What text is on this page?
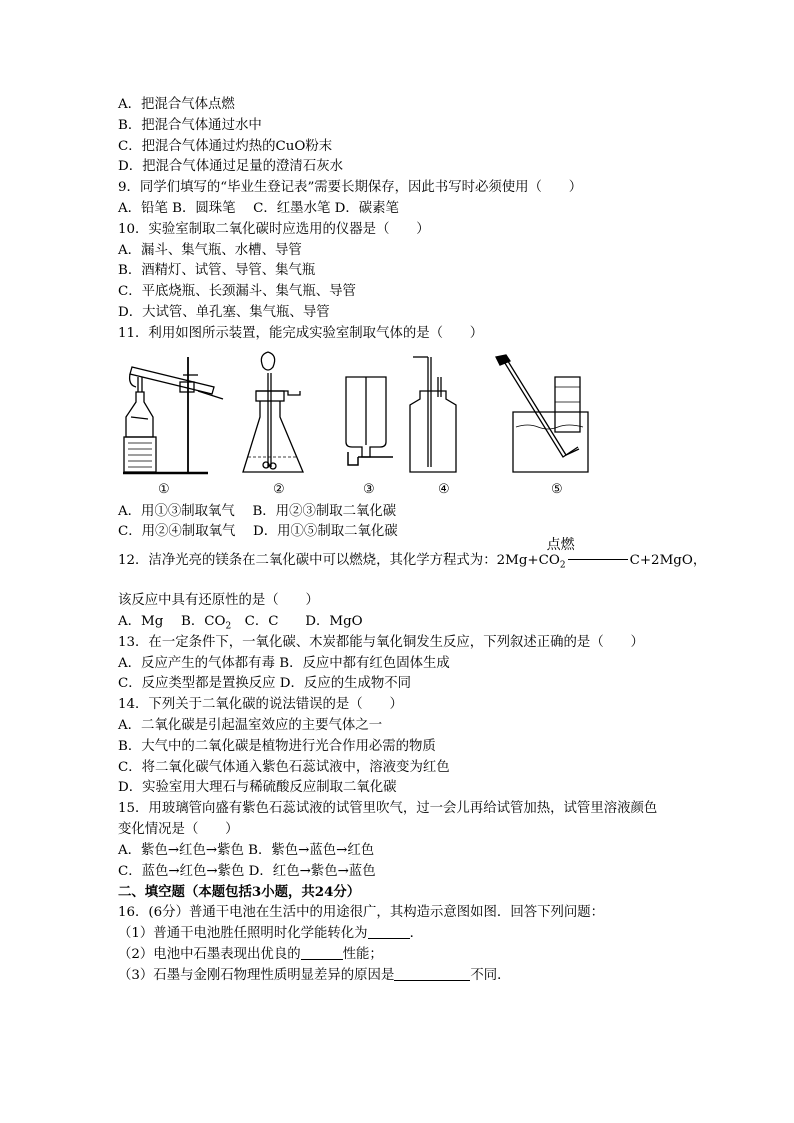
A．把混合气体点燃
B．把混合气体通过水中
C．把混合气体通过灼热的CuO粉末
D．把混合气体通过足量的澄清石灰水
9．同学们填写的“毕业生登记表”需要长期保存，因此书写时必须使用（　　）
A．铅笔 B．圆珠笔　 C．红墨水笔 D．碳素笔
10．实验室制取二氧化碳时应选用的仪器是（　　）
A．漏斗、集气瓶、水槽、导管
B．酒精灯、试管、导管、集气瓶
C．平底烧瓶、长颈漏斗、集气瓶、导管
D．大试管、单孔塞、集气瓶、导管
11．利用如图所示装置，能完成实验室制取气体的是（　　）
①	②	③	④	⑤
A．用①③制取氧气　 B．用②③制取二氧化碳
C．用②④制取氧气　 D．用①⑤制取二氧化碳
12．洁净光亮的镁条在二氧化碳中可以燃烧，其化学方程式为：$2Mg+CO_2$
点燃
C+2MgO，
该反应中具有还原性的是（　　）
A．Mg　 B．$CO_2$　C．C　　D．MgO
13．在一定条件下，一氧化碳、木炭都能与氧化铜发生反应，下列叙述正确的是（　　）
A．反应产生的气体都有毒 B．反应中都有红色固体生成
C．反应类型都是置换反应 D．反应的生成物不同
14．下列关于二氧化碳的说法错误的是（　　）
A．二氧化碳是引起温室效应的主要气体之一
B．大气中的二氧化碳是植物进行光合作用必需的物质
C．将二氧化碳气体通入紫色石蕊试液中，溶液变为红色
D．实验室用大理石与稀硫酸反应制取二氧化碳
15．用玻璃管向盛有紫色石蕊试液的试管里吹气，过一会儿再给试管加热，试管里溶液颜色
变化情况是（　　）
A．紫色→红色→紫色 B．紫色→蓝色→红色
C．蓝色→红色→紫色 D．红色→紫色→蓝色
二、填空题（本题包括3小题，共24分）
16．(6分）普通干电池在生活中的用途很广，其构造示意图如图．回答下列问题：
（1）普通干电池胜任照明时化学能转化为	．
（2）电池中石墨表现出优良的	性能；
（3）石墨与金刚石物理性质明显差异的原因是	不同．
